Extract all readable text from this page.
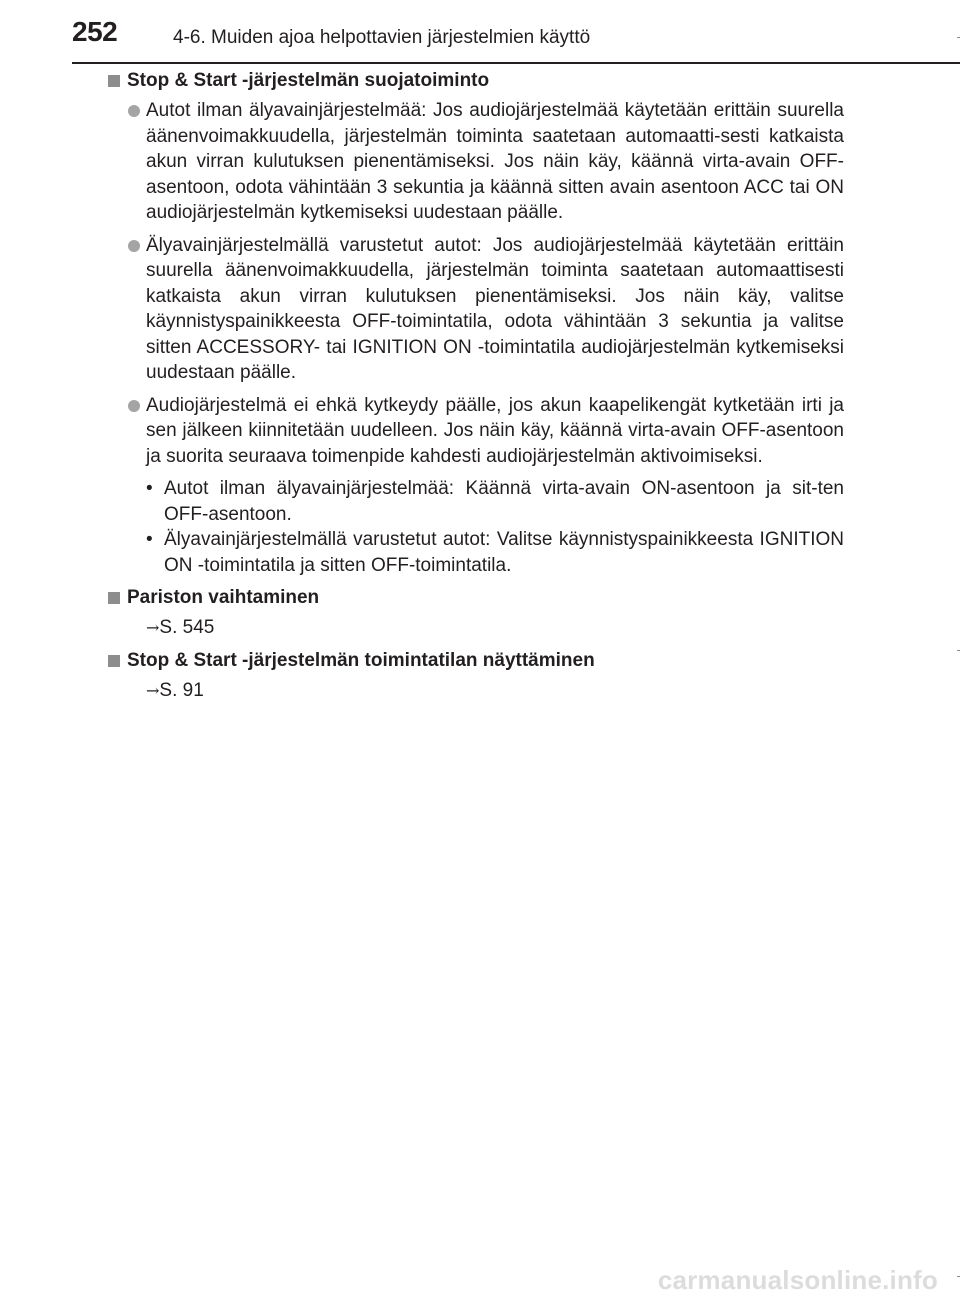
252	4-6. Muiden ajoa helpottavien järjestelmien käyttö
Stop & Start -järjestelmän suojatoiminto
Autot ilman älyavainjärjestelmää: Jos audiojärjestelmää käytetään erittäin suurella äänenvoimakkuudella, järjestelmän toiminta saatetaan automaatti-sesti katkaista akun virran kulutuksen pienentämiseksi. Jos näin käy, käännä virta-avain OFF-asentoon, odota vähintään 3 sekuntia ja käännä sitten avain asentoon ACC tai ON audiojärjestelmän kytkemiseksi uudestaan päälle.
Älyavainjärjestelmällä varustetut autot: Jos audiojärjestelmää käytetään erittäin suurella äänenvoimakkuudella, järjestelmän toiminta saatetaan automaattisesti katkaista akun virran kulutuksen pienentämiseksi. Jos näin käy, valitse käynnistyspainikkeesta OFF-toimintatila, odota vähintään 3 sekuntia ja valitse sitten ACCESSORY- tai IGNITION ON -toimintatila audiojärjestelmän kytkemiseksi uudestaan päälle.
Audiojärjestelmä ei ehkä kytkeydy päälle, jos akun kaapelikengät kytketään irti ja sen jälkeen kiinnitetään uudelleen. Jos näin käy, käännä virta-avain OFF-asentoon ja suorita seuraava toimenpide kahdesti audiojärjestelmän aktivoimiseksi.
• Autot ilman älyavainjärjestelmää: Käännä virta-avain ON-asentoon ja sit-ten OFF-asentoon.
• Älyavainjärjestelmällä varustetut autot: Valitse käynnistyspainikkeesta IGNITION ON -toimintatila ja sitten OFF-toimintatila.
Pariston vaihtaminen
→S. 545
Stop & Start -järjestelmän toimintatilan näyttäminen
→S. 91
carmanualsonline.info
